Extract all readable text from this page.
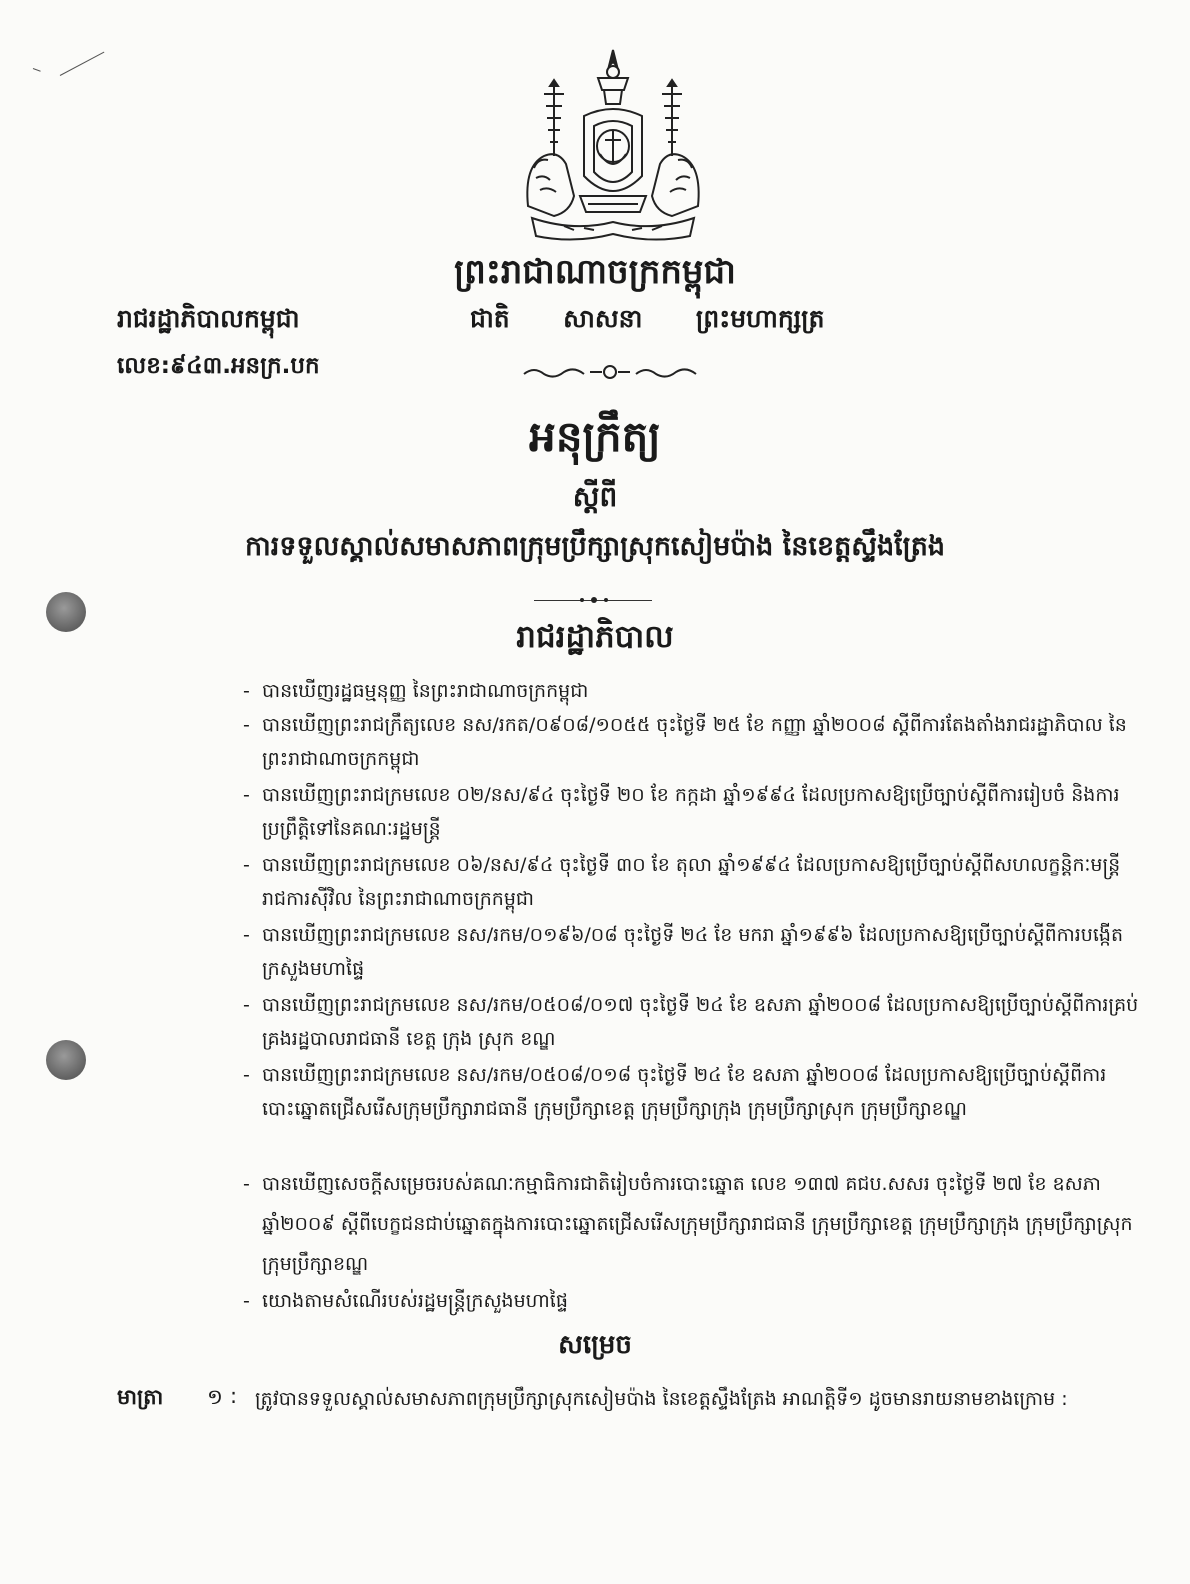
ព្រះរាជាណាចក្រកម្ពុជា
រាជរដ្ឋាភិបាលកម្ពុជា	ជាតិ សាសនា ព្រះមហាក្សត្រ
លេខ:៩៤៣.អនក្រ.បក
អនុក្រឹត្យ
ស្ដីពី
ការទទួលស្គាល់សមាសភាពក្រុមប្រឹក្សាស្រុកសៀមប៉ាង នៃខេត្តស្ទឹងត្រែង
រាជរដ្ឋាភិបាល
- បានឃើញរដ្ឋធម្មនុញ្ញ នៃព្រះរាជាណាចក្រកម្ពុជា
- បានឃើញព្រះរាជក្រឹត្យលេខ នស/រកត/០៩០៨/១០៥៥ ចុះថ្ងៃទី ២៥ ខែ កញ្ញា ឆ្នាំ២០០៨ ស្ដីពីការតែងតាំងរាជរដ្ឋាភិបាល នៃព្រះរាជាណាចក្រកម្ពុជា
- បានឃើញព្រះរាជក្រមលេខ ០២/នស/៩៤ ចុះថ្ងៃទី ២០ ខែ កក្កដា ឆ្នាំ១៩៩៤ ដែលប្រកាសឱ្យប្រើច្បាប់ស្ដីពីការរៀបចំ និងការប្រព្រឹត្តិទៅនៃគណៈរដ្ឋមន្ត្រី
- បានឃើញព្រះរាជក្រមលេខ ០៦/នស/៩៤ ចុះថ្ងៃទី ៣០ ខែ តុលា ឆ្នាំ១៩៩៤ ដែលប្រកាសឱ្យប្រើច្បាប់ស្ដីពីសហលក្ខន្តិកៈមន្ត្រីរាជការស៊ីវិល នៃព្រះរាជាណាចក្រកម្ពុជា
- បានឃើញព្រះរាជក្រមលេខ នស/រកម/០១៩៦/០៨ ចុះថ្ងៃទី ២៤ ខែ មករា ឆ្នាំ១៩៩៦ ដែលប្រកាសឱ្យប្រើច្បាប់ស្ដីពីការបង្កើតក្រសួងមហាផ្ទៃ
- បានឃើញព្រះរាជក្រមលេខ នស/រកម/០៥០៨/០១៧ ចុះថ្ងៃទី ២៤ ខែ ឧសភា ឆ្នាំ២០០៨ ដែលប្រកាសឱ្យប្រើច្បាប់ស្ដីពីការគ្រប់គ្រងរដ្ឋបាលរាជធានី ខេត្ត ក្រុង ស្រុក ខណ្ឌ
- បានឃើញព្រះរាជក្រមលេខ នស/រកម/០៥០៨/០១៨ ចុះថ្ងៃទី ២៤ ខែ ឧសភា ឆ្នាំ២០០៨ ដែលប្រកាសឱ្យប្រើច្បាប់ស្ដីពីការបោះឆ្នោតជ្រើសរើសក្រុមប្រឹក្សារាជធានី ក្រុមប្រឹក្សាខេត្ត ក្រុមប្រឹក្សាក្រុង ក្រុមប្រឹក្សាស្រុក ក្រុមប្រឹក្សាខណ្ឌ
- បានឃើញសេចក្ដីសម្រេចរបស់គណៈកម្មាធិការជាតិរៀបចំការបោះឆ្នោត លេខ ១៣៧ គជប.សសរ ចុះថ្ងៃទី ២៧ ខែ ឧសភា ឆ្នាំ២០០៩ ស្ដីពីបេក្ខជនជាប់ឆ្នោតក្នុងការបោះឆ្នោតជ្រើសរើសក្រុមប្រឹក្សារាជធានី ក្រុមប្រឹក្សាខេត្ត ក្រុមប្រឹក្សាក្រុង ក្រុមប្រឹក្សាស្រុក ក្រុមប្រឹក្សាខណ្ឌ
- យោងតាមសំណើរបស់រដ្ឋមន្ត្រីក្រសួងមហាផ្ទៃ
សម្រេច
មាត្រា ១ : ត្រូវបានទទួលស្គាល់សមាសភាពក្រុមប្រឹក្សាស្រុកសៀមប៉ាង នៃខេត្តស្ទឹងត្រែង អាណត្តិទី១ ដូចមានរាយនាមខាងក្រោម :
